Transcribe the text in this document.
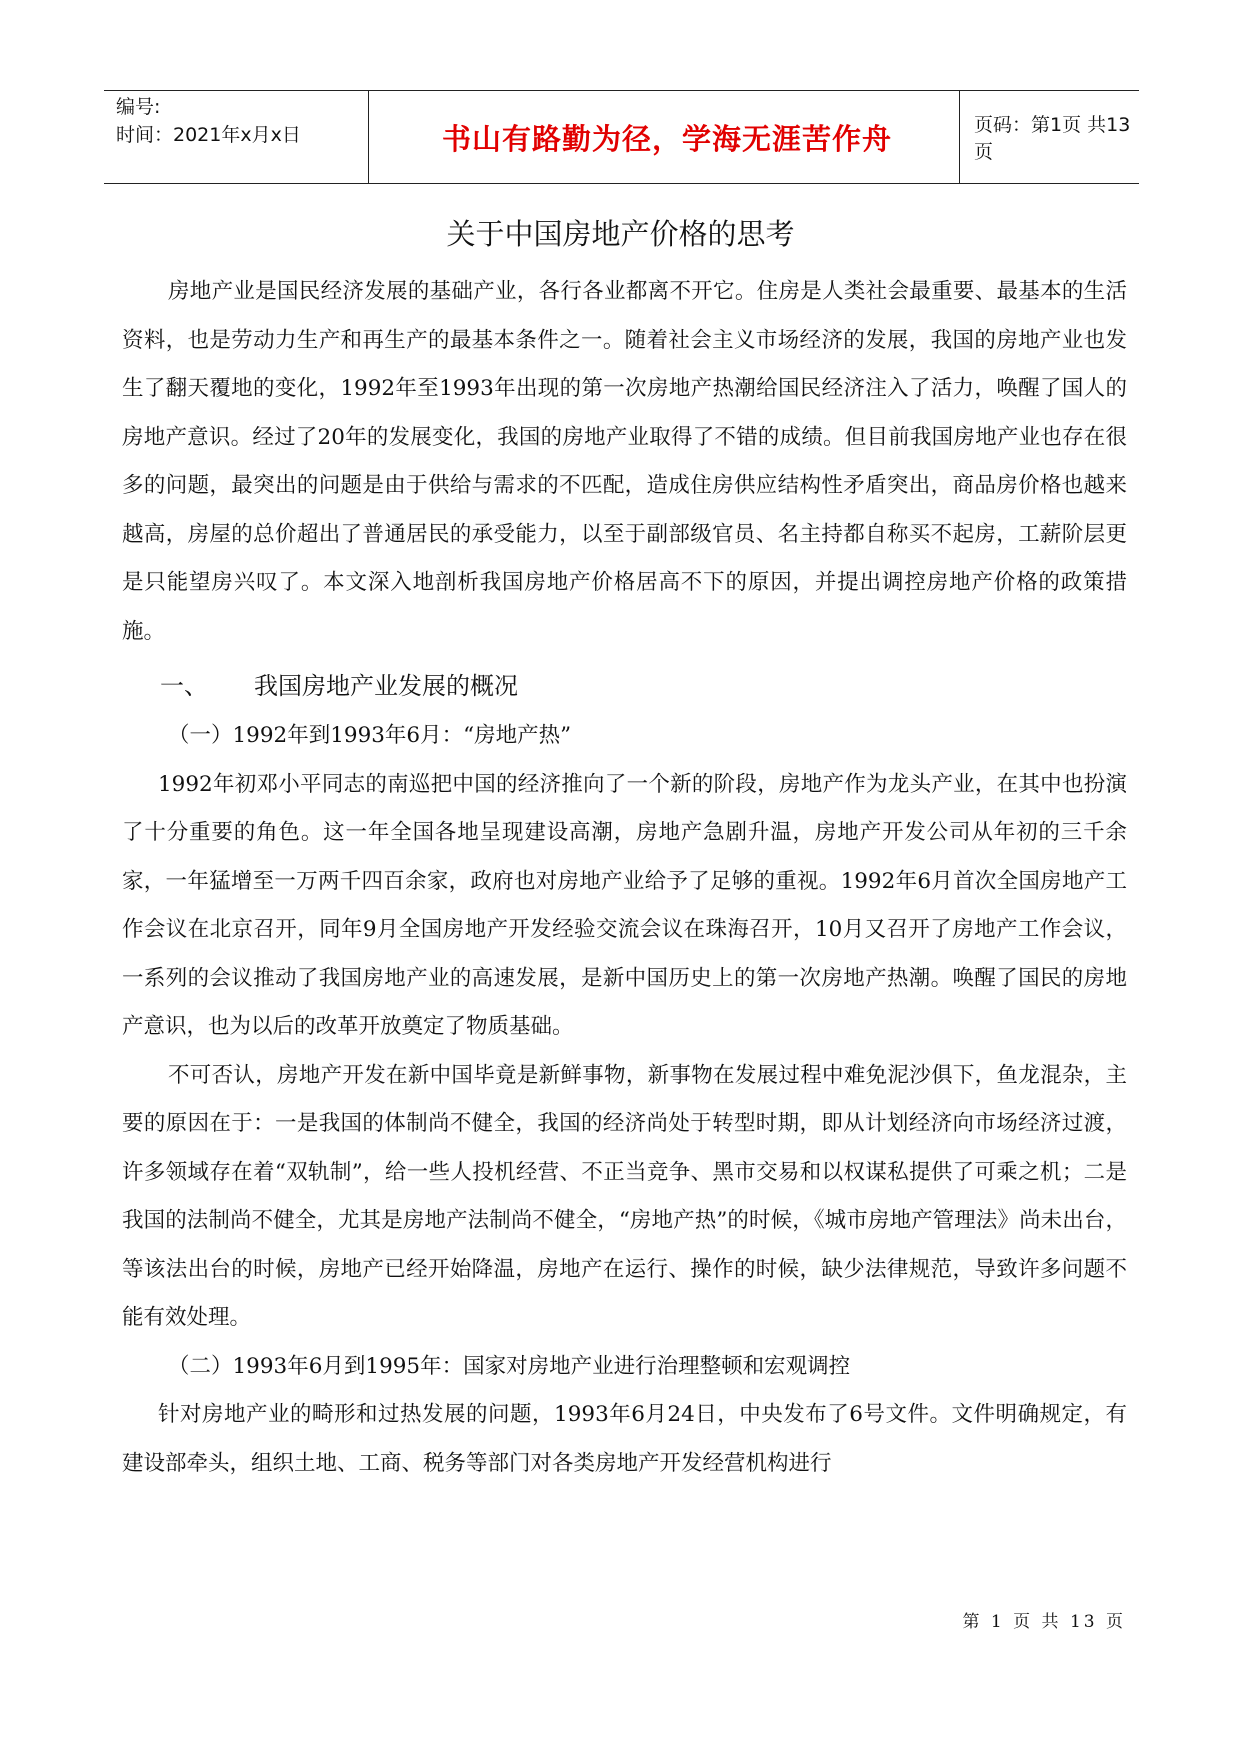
编号:
时间：2021年x月x日	书山有路勤为径，学海无涯苦作舟	页码：第1页 共13页
关于中国房地产价格的思考

房地产业是国民经济发展的基础产业，各行各业都离不开它。住房是人类社会最重要、最基本的生活资料，也是劳动力生产和再生产的最基本条件之一。随着社会主义市场经济的发展，我国的房地产业也发生了翻天覆地的变化，1992年至1993年出现的第一次房地产热潮给国民经济注入了活力，唤醒了国人的房地产意识。经过了20年的发展变化，我国的房地产业取得了不错的成绩。但目前我国房地产业也存在很多的问题，最突出的问题是由于供给与需求的不匹配，造成住房供应结构性矛盾突出，商品房价格也越来越高，房屋的总价超出了普通居民的承受能力，以至于副部级官员、名主持都自称买不起房，工薪阶层更是只能望房兴叹了。本文深入地剖析我国房地产价格居高不下的原因，并提出调控房地产价格的政策措施。

一、 我国房地产业发展的概况

（一）1992年到1993年6月：“房地产热”

1992年初邓小平同志的南巡把中国的经济推向了一个新的阶段，房地产作为龙头产业，在其中也扮演了十分重要的角色。这一年全国各地呈现建设高潮，房地产急剧升温，房地产开发公司从年初的三千余家，一年猛增至一万两千四百余家，政府也对房地产业给予了足够的重视。1992年6月首次全国房地产工作会议在北京召开，同年9月全国房地产开发经验交流会议在珠海召开，10月又召开了房地产工作会议，一系列的会议推动了我国房地产业的高速发展，是新中国历史上的第一次房地产热潮。唤醒了国民的房地产意识，也为以后的改革开放奠定了物质基础。

不可否认，房地产开发在新中国毕竟是新鲜事物，新事物在发展过程中难免泥沙俱下，鱼龙混杂，主要的原因在于：一是我国的体制尚不健全，我国的经济尚处于转型时期，即从计划经济向市场经济过渡，许多领域存在着“双轨制”，给一些人投机经营、不正当竞争、黑市交易和以权谋私提供了可乘之机；二是我国的法制尚不健全，尤其是房地产法制尚不健全，“房地产热”的时候，《城市房地产管理法》尚未出台，等该法出台的时候，房地产已经开始降温，房地产在运行、操作的时候，缺少法律规范，导致许多问题不能有效处理。

（二）1993年6月到1995年：国家对房地产业进行治理整顿和宏观调控

针对房地产业的畸形和过热发展的问题，1993年6月24日，中央发布了6号文件。文件明确规定，有建设部牵头，组织土地、工商、税务等部门对各类房地产开发经营机构进行

第 1 页 共 13 页
